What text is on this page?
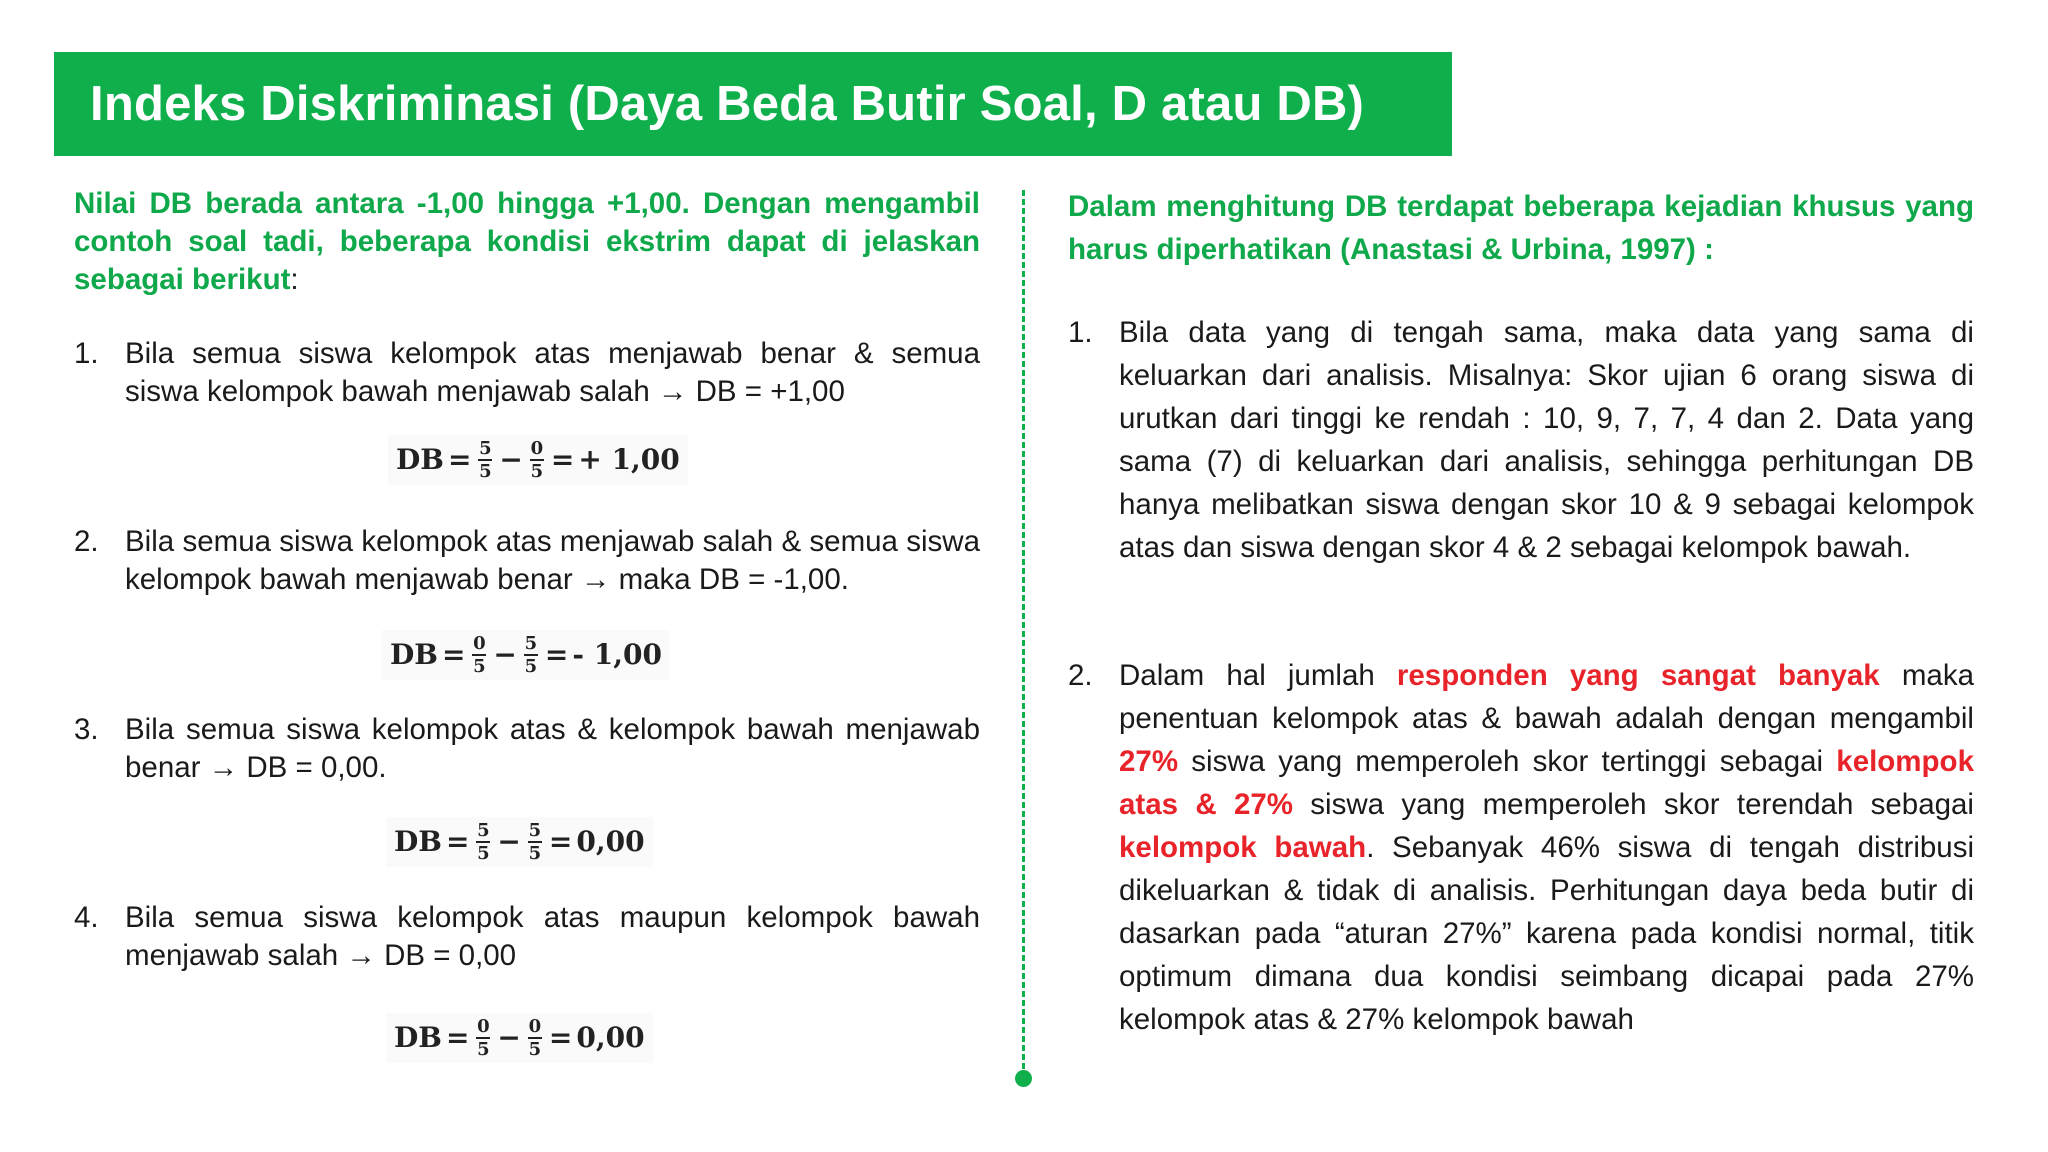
Indeks Diskriminasi (Daya Beda Butir Soal, D atau DB)

Nilai DB berada antara -1,00 hingga +1,00. Dengan mengambil contoh soal tadi, beberapa kondisi ekstrim dapat di jelaskan sebagai berikut:

1. Bila semua siswa kelompok atas menjawab benar & semua siswa kelompok bawah menjawab salah → DB = +1,00
DB = $\frac{5}{5} - \frac{0}{5}$ = + 1,00
2. Bila semua siswa kelompok atas menjawab salah & semua siswa kelompok bawah menjawab benar → maka DB = -1,00.
DB = $\frac{0}{5} - \frac{5}{5}$ = - 1,00
3. Bila semua siswa kelompok atas & kelompok bawah menjawab benar → DB = 0,00.
DB = $\frac{5}{5} - \frac{5}{5} = 0,00$
4. Bila semua siswa kelompok atas maupun kelompok bawah menjawab salah → DB = 0,00
DB = $\frac{0}{5} - \frac{0}{5} = 0,00$

Dalam menghitung DB terdapat beberapa kejadian khusus yang harus diperhatikan (Anastasi & Urbina, 1997) :

1. Bila data yang di tengah sama, maka data yang sama di keluarkan dari analisis. Misalnya: Skor ujian 6 orang siswa di urutkan dari tinggi ke rendah : 10, 9, 7, 7, 4 dan 2. Data yang sama (7) di keluarkan dari analisis, sehingga perhitungan DB hanya melibatkan siswa dengan skor 10 & 9 sebagai kelompok atas dan siswa dengan skor 4 & 2 sebagai kelompok bawah.
2. Dalam hal jumlah responden yang sangat banyak maka penentuan kelompok atas & bawah adalah dengan mengambil 27% siswa yang memperoleh skor tertinggi sebagai kelompok atas & 27% siswa yang memperoleh skor terendah sebagai kelompok bawah. Sebanyak 46% siswa di tengah distribusi dikeluarkan & tidak di analisis. Perhitungan daya beda butir di dasarkan pada “aturan 27%” karena pada kondisi normal, titik optimum dimana dua kondisi seimbang dicapai pada 27% kelompok atas & 27% kelompok bawah
